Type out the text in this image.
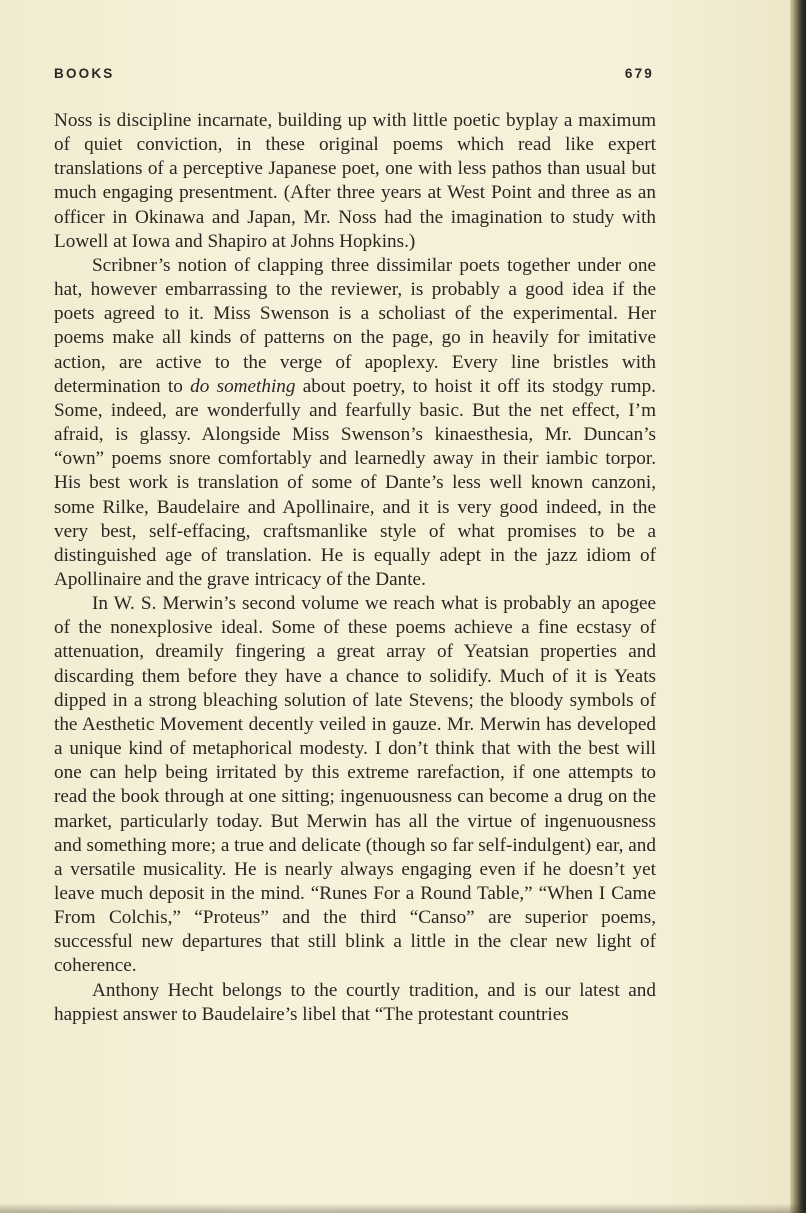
BOOKS	679

Noss is discipline incarnate, building up with little poetic byplay a maximum of quiet conviction, in these original poems which read like expert translations of a perceptive Japanese poet, one with less pathos than usual but much engaging presentment. (After three years at West Point and three as an officer in Okinawa and Japan, Mr. Noss had the imagination to study with Lowell at Iowa and Shapiro at Johns Hopkins.)

Scribner’s notion of clapping three dissimilar poets together under one hat, however embarrassing to the reviewer, is probably a good idea if the poets agreed to it. Miss Swenson is a scholiast of the experimental. Her poems make all kinds of patterns on the page, go in heavily for imitative action, are active to the verge of apoplexy. Every line bristles with determination to do something about poetry, to hoist it off its stodgy rump. Some, indeed, are wonderfully and fearfully basic. But the net effect, I’m afraid, is glassy. Alongside Miss Swenson’s kinaesthesia, Mr. Duncan’s “own” poems snore comfortably and learnedly away in their iambic torpor. His best work is translation of some of Dante’s less well known canzoni, some Rilke, Baudelaire and Apollinaire, and it is very good indeed, in the very best, self-effacing, craftsmanlike style of what promises to be a distinguished age of translation. He is equally adept in the jazz idiom of Apollinaire and the grave intricacy of the Dante.

In W. S. Merwin’s second volume we reach what is probably an apogee of the nonexplosive ideal. Some of these poems achieve a fine ecstasy of attenuation, dreamily fingering a great array of Yeatsian properties and discarding them before they have a chance to solidify. Much of it is Yeats dipped in a strong bleaching solution of late Stevens; the bloody symbols of the Aesthetic Movement decently veiled in gauze. Mr. Merwin has developed a unique kind of metaphorical modesty. I don’t think that with the best will one can help being irritated by this extreme rarefaction, if one attempts to read the book through at one sitting; ingenuousness can become a drug on the market, particularly today. But Merwin has all the virtue of ingenuousness and something more; a true and delicate (though so far self-indulgent) ear, and a versatile musicality. He is nearly always engaging even if he doesn’t yet leave much deposit in the mind. “Runes For a Round Table,” “When I Came From Colchis,” “Proteus” and the third “Canso” are superior poems, successful new departures that still blink a little in the clear new light of coherence.

Anthony Hecht belongs to the courtly tradition, and is our latest and happiest answer to Baudelaire’s libel that “The protestant countries
